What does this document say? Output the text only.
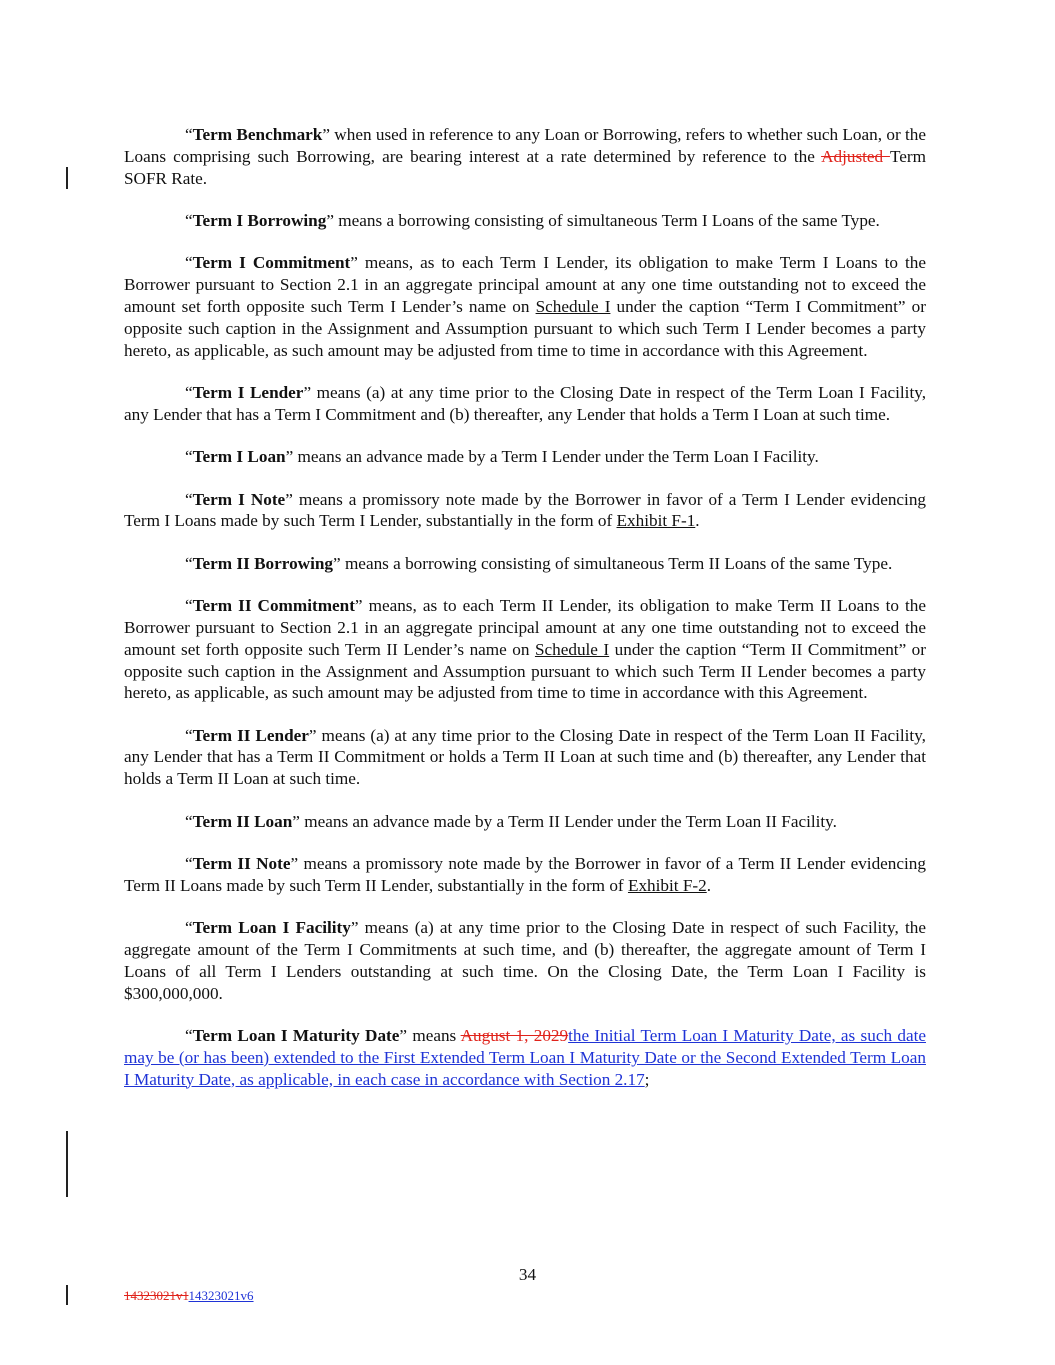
“Term Benchmark” when used in reference to any Loan or Borrowing, refers to whether such Loan, or the Loans comprising such Borrowing, are bearing interest at a rate determined by reference to the Adjusted Term SOFR Rate.

“Term I Borrowing” means a borrowing consisting of simultaneous Term I Loans of the same Type.

“Term I Commitment” means, as to each Term I Lender, its obligation to make Term I Loans to the Borrower pursuant to Section 2.1 in an aggregate principal amount at any one time outstanding not to exceed the amount set forth opposite such Term I Lender’s name on Schedule I under the caption “Term I Commitment” or opposite such caption in the Assignment and Assumption pursuant to which such Term I Lender becomes a party hereto, as applicable, as such amount may be adjusted from time to time in accordance with this Agreement.

“Term I Lender” means (a) at any time prior to the Closing Date in respect of the Term Loan I Facility, any Lender that has a Term I Commitment and (b) thereafter, any Lender that holds a Term I Loan at such time.

“Term I Loan” means an advance made by a Term I Lender under the Term Loan I Facility.

“Term I Note” means a promissory note made by the Borrower in favor of a Term I Lender evidencing Term I Loans made by such Term I Lender, substantially in the form of Exhibit F-1.

“Term II Borrowing” means a borrowing consisting of simultaneous Term II Loans of the same Type.

“Term II Commitment” means, as to each Term II Lender, its obligation to make Term II Loans to the Borrower pursuant to Section 2.1 in an aggregate principal amount at any one time outstanding not to exceed the amount set forth opposite such Term II Lender’s name on Schedule I under the caption “Term II Commitment” or opposite such caption in the Assignment and Assumption pursuant to which such Term II Lender becomes a party hereto, as applicable, as such amount may be adjusted from time to time in accordance with this Agreement.

“Term II Lender” means (a) at any time prior to the Closing Date in respect of the Term Loan II Facility, any Lender that has a Term II Commitment or holds a Term II Loan at such time and (b) thereafter, any Lender that holds a Term II Loan at such time.

“Term II Loan” means an advance made by a Term II Lender under the Term Loan II Facility.

“Term II Note” means a promissory note made by the Borrower in favor of a Term II Lender evidencing Term II Loans made by such Term II Lender, substantially in the form of Exhibit F-2.

“Term Loan I Facility” means (a) at any time prior to the Closing Date in respect of such Facility, the aggregate amount of the Term I Commitments at such time, and (b) thereafter, the aggregate amount of Term I Loans of all Term I Lenders outstanding at such time. On the Closing Date, the Term Loan I Facility is $300,000,000.

“Term Loan I Maturity Date” means August 1, 2029the Initial Term Loan I Maturity Date, as such date may be (or has been) extended to the First Extended Term Loan I Maturity Date or the Second Extended Term Loan I Maturity Date, as applicable, in each case in accordance with Section 2.17;

34
14323021v114323021v6
